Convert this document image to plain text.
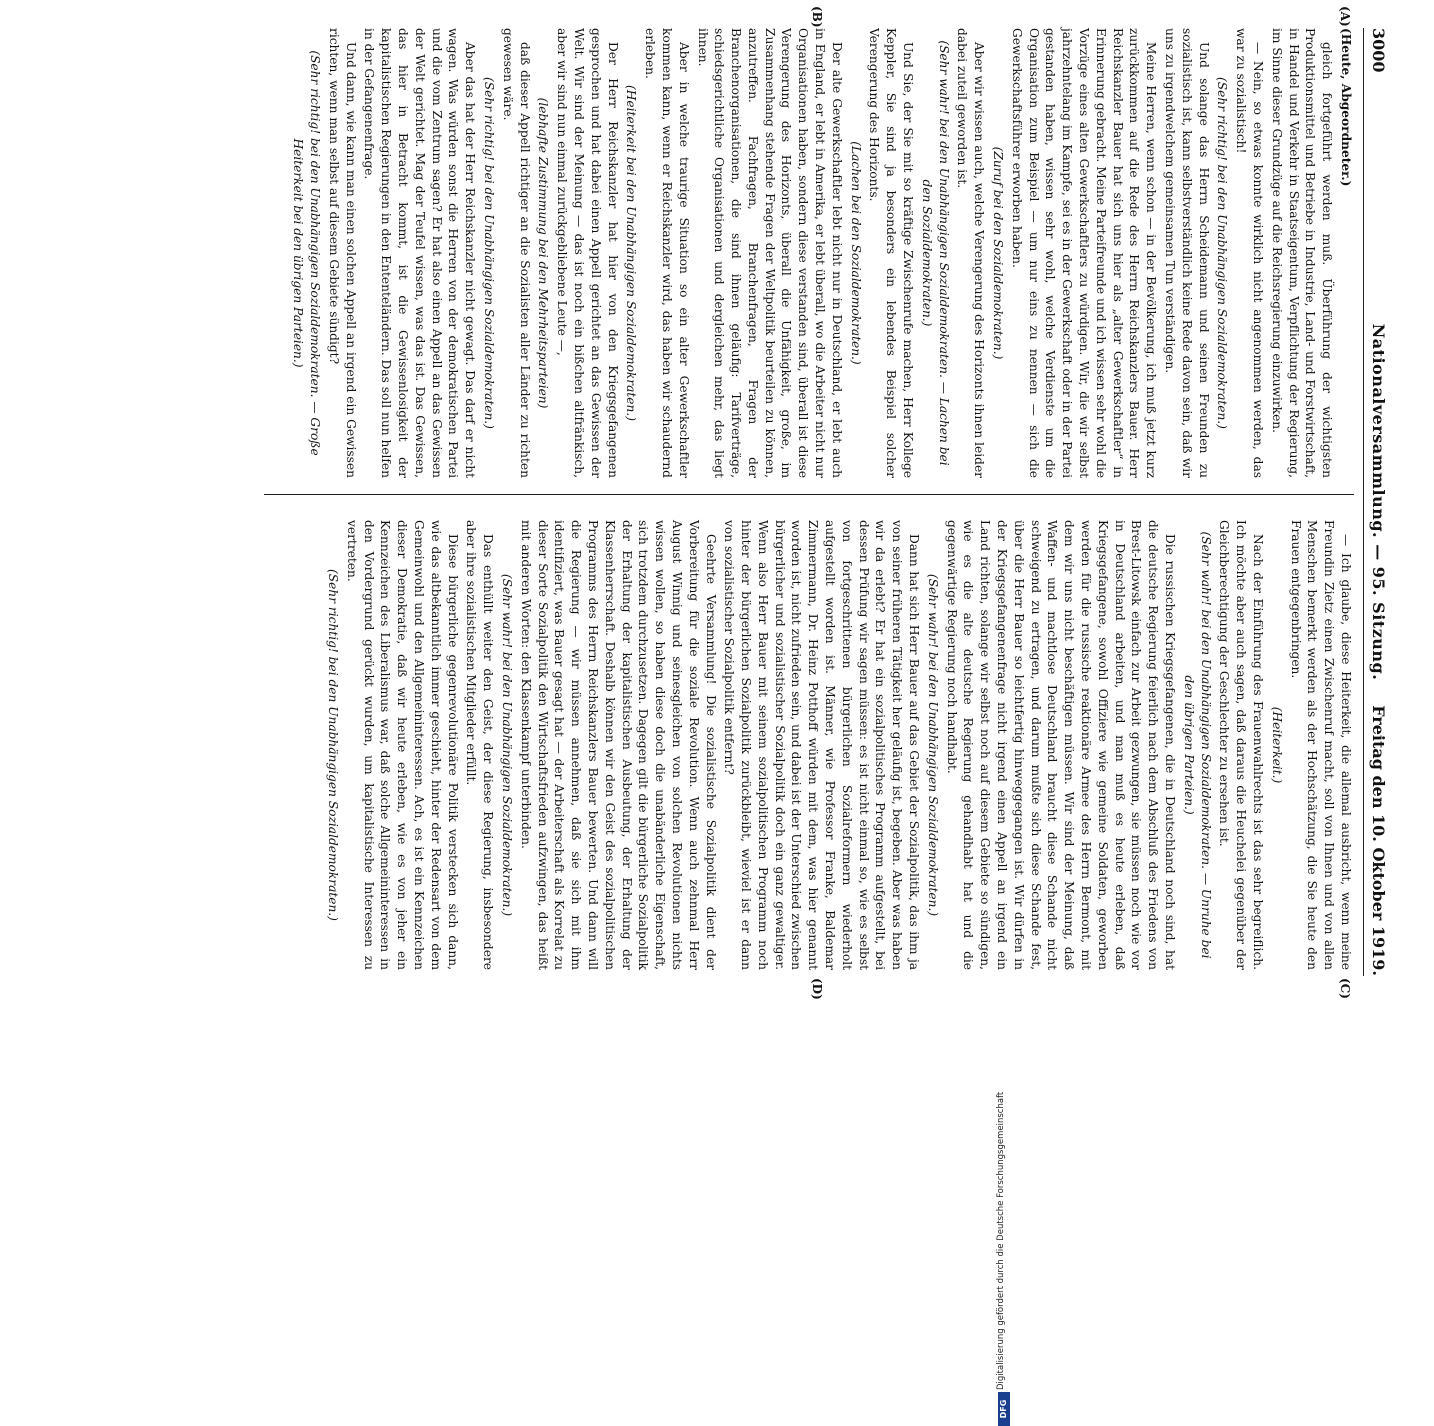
3000
Nationalversammlung. — 95. Sitzung.
Freitag den 10. Oktober 1919.
(A)
(B)
(C)
(D)

(Heute, Abgeordneter.)

gleich fortgeführt werden muß. Überführung der wichtigsten Produktionsmittel und Betriebe in Industrie, Land- und Forstwirtschaft, in Handel und Verkehr in Staatseigentum, Verpflichtung der Regierung, im Sinne dieser Grundzüge auf die Reichsregierung einzuwirken.

— Nein, so etwas konnte wirklich nicht angenommen werden, das war zu sozialistisch!

(Sehr richtig! bei den Unabhängigen Sozialdemokraten.)

Und solange das Herrn Scheidemann und seinen Freunden zu sozialistisch ist, kann selbstverständlich keine Rede davon sein, daß wir uns zu irgendwelchem gemeinsamen Tun verständigen.

Meine Herren, wenn schon — in der Bevölkerung, ich muß jetzt kurz zurückkommen auf die Rede des Herrn Reichskanzlers Bauer. Herr Reichskanzler Bauer hat sich uns hier als „alter Gewerkschaftler“ in Erinnerung gebracht. Meine Parteifreunde und ich wissen sehr wohl die Vorzüge eines alten Gewerkschaftlers zu würdigen. Wir, die wir selbst jahrzehntelang im Kampfe, sei es in der Gewerkschaft oder in der Partei gestanden haben, wissen sehr wohl, welche Verdienste um die Organisation zum Beispiel — um nur eins zu nennen — sich die Gewerkschaftsführer erworben haben.

(Zuruf bei den Sozialdemokraten.)

Aber wir wissen auch, welche Verengerung des Horizonts ihnen leider dabei zuteil geworden ist.

(Sehr wahr! bei den Unabhängigen Sozialdemokraten. — Lachen bei den Sozialdemokraten.)

Und Sie, der Sie mit so kräftige Zwischenrufe machen, Herr Kollege Keppler, Sie sind ja besonders ein lebendes Beispiel solcher Verengerung des Horizonts.

(Lachen bei den Sozialdemokraten.)

Der alte Gewerkschaftler lebt nicht nur in Deutschland, er lebt auch in England, er lebt in Amerika, er lebt überall, wo die Arbeiter nicht nur Organisationen haben, sondern diese verstanden sind, überall ist diese Verengerung des Horizonts, überall die Unfähigkeit, große, im Zusammenhang stehende Fragen der Weltpolitik beurteilen zu können, anzutreffen. Fachfragen, Branchenfragen, Fragen der Branchenorganisationen, die sind ihnen geläufig: Tarifverträge, schiedsgerichtliche Organisationen und dergleichen mehr, das liegt ihnen.

Aber in welche traurige Situation so ein alter Gewerkschaftler kommen kann, wenn er Reichskanzler wird, das haben wir schaudernd erleben.

(Heiterkeit bei den Unabhängigen Sozialdemokraten.)

Der Herr Reichskanzler hat hier von den Kriegsgefangenen gesprochen und hat dabei einen Appell gerichtet an das Gewissen der Welt. Wir sind der Meinung — das ist noch ein bißchen altfränkisch, aber wir sind nun einmal zurückgebliebene Leute —,

(lebhafte Zustimmung bei den Mehrheitsparteien)

daß dieser Appell richtiger an die Sozialisten aller Länder zu richten gewesen wäre.

(Sehr richtig! bei den Unabhängigen Sozialdemokraten.)

Aber das hat der Herr Reichskanzler nicht gewagt. Das darf er nicht wagen. Was würden sonst die Herren von der demokratischen Partei und die vom Zentrum sagen? Er hat also einen Appell an das Gewissen der Welt gerichtet. Mag der Teufel wissen, was das ist. Das Gewissen, das hier in Betracht kommt, ist die Gewissenlosigkeit der kapitalistischen Regierungen in den Ententeländern. Das soll nun helfen in der Gefangenenfrage.

Und dann, wie kann man einen solchen Appell an irgend ein Gewissen richten, wenn man selbst auf diesem Gebiete sündigt?

(Sehr richtig! bei den Unabhängigen Sozialdemokraten. — Große Heiterkeit bei den übrigen Parteien.)

— Ich glaube, diese Heiterkeit, die allemal ausbricht, wenn meine Freundin Zietz einen Zwischenruf macht, soll von Ihnen und von allen Menschen bemerkt werden als der Hochschätzung, die Sie heute den Frauen entgegenbringen.

(Heiterkeit.)

Nach der Einführung des Frauenwahlrechts ist das sehr begreiflich. Ich möchte aber auch sagen, daß daraus die Heuchelei gegenüber der Gleichberechtigung der Geschlechter zu ersehen ist.

(Sehr wahr! bei den Unabhängigen Sozialdemokraten. — Unruhe bei den übrigen Parteien.)

Die russischen Kriegsgefangenen, die in Deutschland noch sind, hat die deutsche Regierung feierlich nach dem Abschluß des Friedens von Brest-Litowsk einfach zur Arbeit gezwungen, sie müssen noch wie vor in Deutschland arbeiten, und man muß es heute erleben, daß Kriegsgefangene, sowohl Offiziere wie gemeine Soldaten, geworben werden für die russische reaktionäre Armee des Herrn Bermont, mit dem wir uns nicht beschäftigen müssen. Wir sind der Meinung, daß Waffen- und machtlose Deutschland braucht diese Schande nicht schweigend zu ertragen, und darum mußte sich diese Schande fest, über die Herr Bauer so leichtfertig hinweggegangen ist. Wir dürfen in der Kriegsgefangenenfrage nicht irgend einen Appell an irgend ein Land richten, solange wir selbst noch auf diesem Gebiete so sündigen, wie es die alte deutsche Regierung gehandhabt hat und die gegenwärtige Regierung noch handhabt.

(Sehr wahr! bei den Unabhängigen Sozialdemokraten.)

Dann hat sich Herr Bauer auf das Gebiet der Sozialpolitik, das ihm ja von seiner früheren Tätigkeit her geläufig ist, begeben. Aber was haben wir da erlebt? Er hat ein sozialpolitisches Programm aufgestellt, bei dessen Prüfung wir sagen müssen: es ist nicht einmal so, wie es selbst von fortgeschrittenen bürgerlichen Sozialreformern wiederholt aufgestellt worden ist. Männer, wie Professor Franke, Baldemar Zimmermann, Dr. Heinz Potthoff würden mit dem, was hier genannt worden ist, nicht zufrieden sein, und dabei ist der Unterschied zwischen bürgerlicher und sozialistischer Sozialpolitik doch ein ganz gewaltiger. Wenn also Herr Bauer mit seinem sozialpolitischen Programm noch hinter der bürgerlichen Sozialpolitik zurückbleibt, wieviel ist er dann von sozialistischer Sozialpolitik entfernt?

Geehrte Versammlung! Die sozialistische Sozialpolitik dient der Vorbereitung für die soziale Revolution. Wenn auch zehnmal Herr August Winnig und seinesgleichen von solchen Revolutionen nichts wissen wollen, so haben diese doch die unabänderliche Eigenschaft, sich trotzdem durchzusetzen. Dagegen gilt die bürgerliche Sozialpolitik der Erhaltung der kapitalistischen Ausbeutung, der Erhaltung der Klassenherrschaft. Deshalb können wir den Geist des sozialpolitischen Programms des Herrn Reichskanzlers Bauer bewerten. Und dann will die Regierung — wir müssen annehmen, daß sie sich mit ihm identifiziert, was Bauer gesagt hat — der Arbeiterschaft als Korrelat zu dieser Sorte Sozialpolitik den Wirtschaftsfrieden aufzwingen, das heißt mit anderen Worten: den Klassenkampf unterbinden.

(Sehr wahr! bei den Unabhängigen Sozialdemokraten.)

Das enthüllt weiter den Geist, der diese Regierung, insbesondere aber ihre sozialistischen Mitglieder erfüllt.

Diese bürgerliche gegenrevolutionäre Politik verstecken sich dann, wie das altbekanntlich immer geschieht, hinter der Redensart von dem Gemeinwohl und den Allgemeininteressen. Ach, es ist ein Kennzeichen dieser Demokratie, daß wir heute erleben, wie es von jeher ein Kennzeichen des Liberalismus war, daß solche Allgemeininteressen in den Vordergrund gerückt wurden, um kapitalistische Interessen zu vertreten.

(Sehr richtig! bei den Unabhängigen Sozialdemokraten.)

Digitalisierung gefördert durch die Deutsche Forschungsgemeinschaft
DFG
